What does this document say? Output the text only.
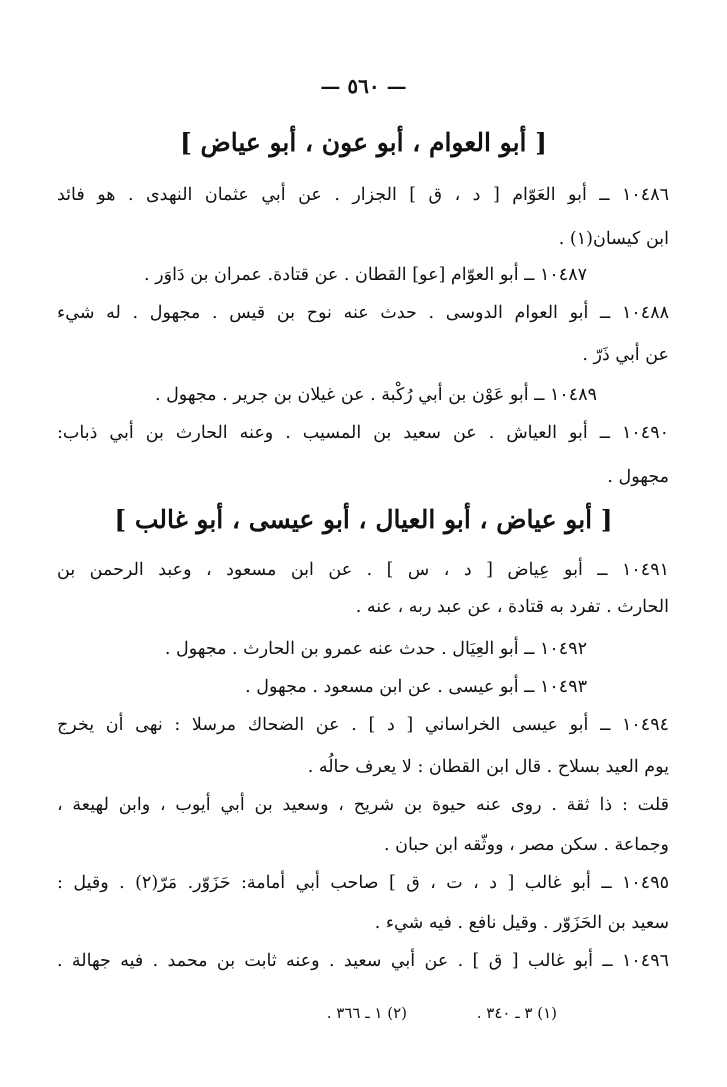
— ٥٦٠ —
[ أبو العوام ، أبو عون ، أبو عياض ]
١٠٤٨٦ ــ أبو العَوّام [ د ، ق ] الجزار . عن أبي عثمان النهدى . هو فائد
ابن كيسان(١) .
١٠٤٨٧ ــ أبو العوّام [عو] القطان . عن قتادة. عمران بن دَاوَر .
١٠٤٨٨ ــ أبو العوام الدوسى . حدث عنه نوح بن قيس . مجهول . له شيء
عن أبي ذَرّ .
١٠٤٨٩ ــ أبو عَوْن بن أبي رُكْبة . عن غيلان بن جرير . مجهول .
١٠٤٩٠ ــ أبو العياش . عن سعيد بن المسيب . وعنه الحارث بن أبي ذباب:
مجهول .
[ أبو عياض ، أبو العيال ، أبو عيسى ، أبو غالب ]
١٠٤٩١ ــ أبو عِياض [ د ، س ] . عن ابن مسعود ، وعبد الرحمن بن
الحارث . تفرد به قتادة ، عن عبد ربه ، عنه .
١٠٤٩٢ ــ أبو العِيَال . حدث عنه عمرو بن الحارث . مجهول .
١٠٤٩٣ ــ أبو عيسى . عن ابن مسعود . مجهول .
١٠٤٩٤ ــ أبو عيسى الخراساني [ د ] . عن الضحاك مرسلا : نهى أن يخرج
يوم العيد بسلاح . قال ابن القطان : لا يعرف حالُه .
قلت : ذا ثقة . روى عنه حيوة بن شريح ، وسعيد بن أبي أيوب ، وابن لهيعة ،
وجماعة . سكن مصر ، ووثّقه ابن حبان .
١٠٤٩٥ ــ أبو غالب [ د ، ت ، ق ] صاحب أبي أمامة: حَزَوّر. مَرّ(٢) . وقيل :
سعيد بن الحَزَوّر . وقيل نافع . فيه شيء .
١٠٤٩٦ ــ أبو غالب [ ق ] . عن أبي سعيد . وعنه ثابت بن محمد . فيه جهالة .
(١) ٣ ـ ٣٤٠ .
(٢) ١ ـ ٣٦٦ .
